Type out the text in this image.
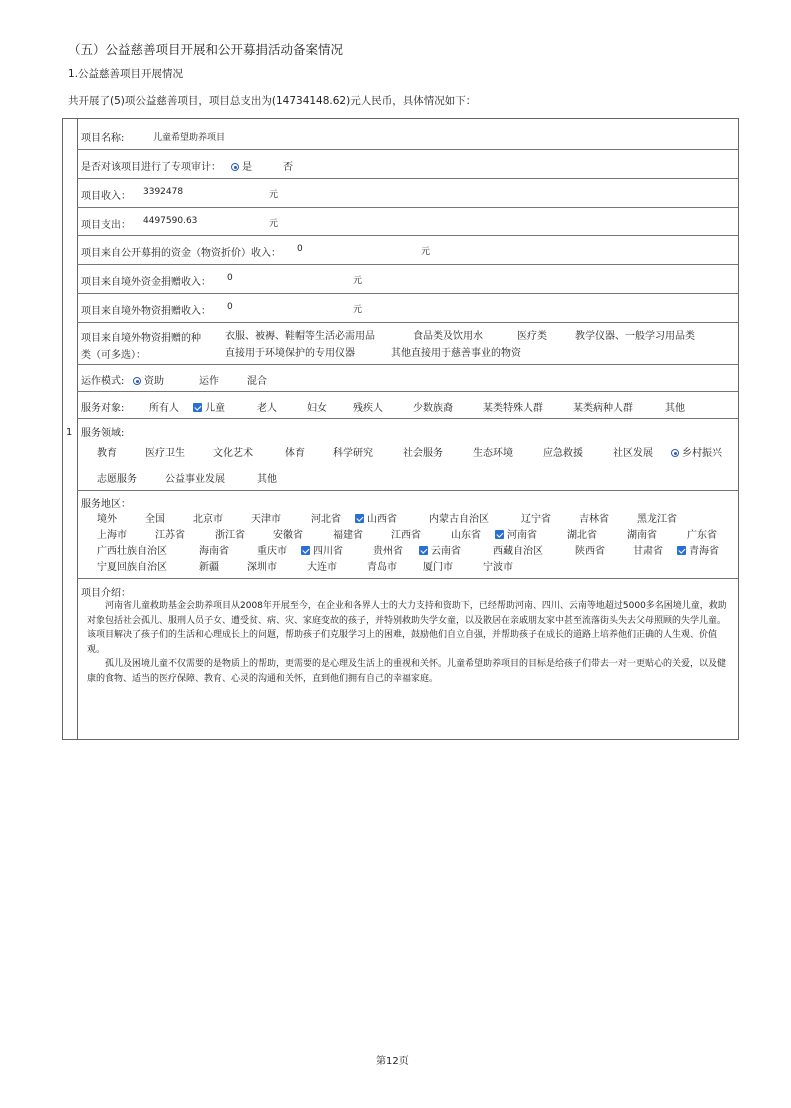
（五）公益慈善项目开展和公开募捐活动备案情况
1.公益慈善项目开展情况
共开展了(5)项公益慈善项目，项目总支出为(14734148.62)元人民币，具体情况如下：
1
项目名称:	儿童希望助养项目
是否对该项目进行了专项审计：	是	否
项目收入： 3392478	元
项目支出： 4497590.63	元
项目来自公开募捐的资金（物资折价）收入： 0	元
项目来自境外资金捐赠收入： 0	元
项目来自境外物资捐赠收入： 0	元
项目来自境外物资捐赠的种
类（可多选）：
衣服、被褥、鞋帽等生活必需用品	食品类及饮用水	医疗类	教学仪器、一般学习用品类
直接用于环境保护的专用仪器	其他直接用于慈善事业的物资
运作模式:	资助	运作	混合
服务对象: 所有人	儿童	老人	妇女	残疾人	少数族裔	某类特殊人群	某类病种人群	其他
服务领域:
教育	医疗卫生	文化艺术	体育	科学研究	社会服务	生态环境	应急救援	社区发展	乡村振兴
志愿服务	公益事业发展	其他
服务地区：
境外	全国	北京市	天津市	河北省	山西省	内蒙古自治区	辽宁省	吉林省	黑龙江省
上海市	江苏省	浙江省	安徽省	福建省	江西省	山东省	河南省	湖北省	湖南省	广东省
广西壮族自治区	海南省	重庆市	四川省	贵州省	云南省	西藏自治区	陕西省	甘肃省	青海省
宁夏回族自治区	新疆	深圳市	大连市	青岛市	厦门市	宁波市
项目介绍：
河南省儿童救助基金会助养项目从2008年开展至今，在企业和各界人士的大力支持和资助下，已经帮助河南、四川、云南等地超过5000多名困境儿童，救助对象包括社会孤儿、服刑人员子女、遭受贫、病、灾、家庭变故的孩子，并特别救助失学女童，以及散居在亲戚朋友家中甚至流落街头失去父母照顾的失学儿童。该项目解决了孩子们的生活和心理成长上的问题，帮助孩子们克服学习上的困难，鼓励他们自立自强，并帮助孩子在成长的道路上培养他们正确的人生观、价值观。
孤儿及困境儿童不仅需要的是物质上的帮助，更需要的是心理及生活上的重视和关怀。儿童希望助养项目的目标是给孩子们带去一对一更贴心的关爱，以及健康的食物、适当的医疗保障、教育、心灵的沟通和关怀，直到他们拥有自己的幸福家庭。
第12页
